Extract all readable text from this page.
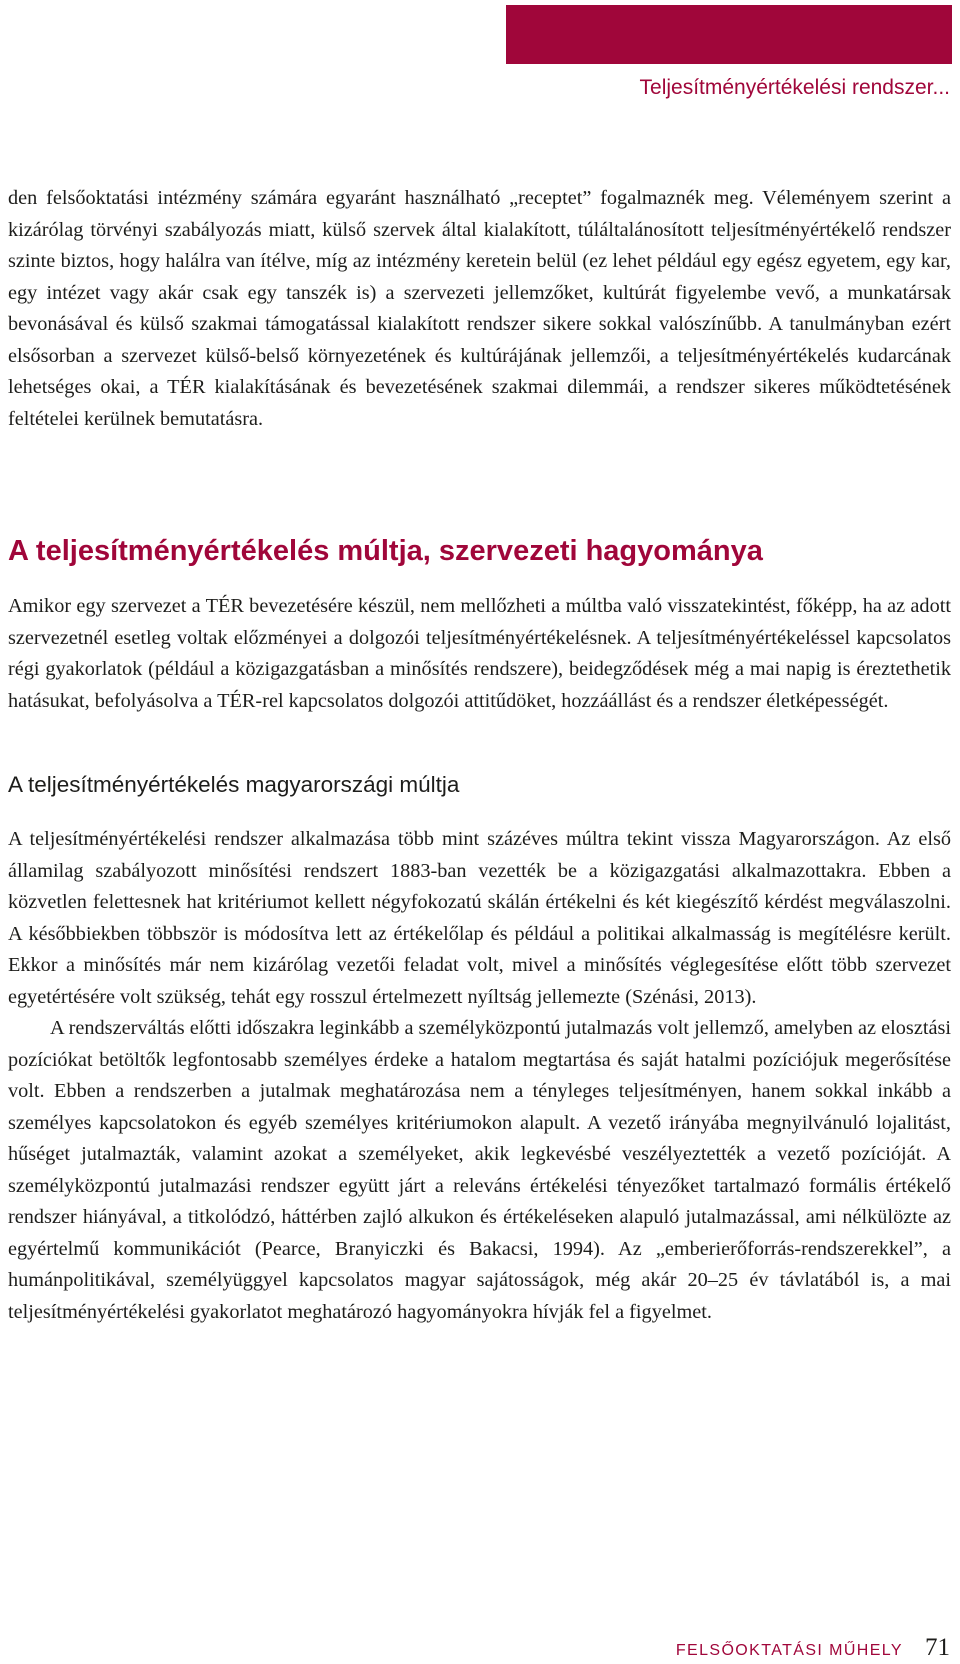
Teljesítményértékelési rendszer...

den felsőoktatási intézmény számára egyaránt használható „receptet” fogalmaznék meg. Véleményem szerint a kizárólag törvényi szabályozás miatt, külső szervek által kialakított, túláltalánosított teljesítményértékelő rendszer szinte biztos, hogy halálra van ítélve, míg az intézmény keretein belül (ez lehet például egy egész egyetem, egy kar, egy intézet vagy akár csak egy tanszék is) a szervezeti jellemzőket, kultúrát figyelembe vevő, a munkatársak bevonásával és külső szakmai támogatással kialakított rendszer sikere sokkal valószínűbb. A tanulmányban ezért elsősorban a szervezet külső-belső környezetének és kultúrájának jellemzői, a teljesítményértékelés kudarcának lehetséges okai, a TÉR kialakításának és bevezetésének szakmai dilemmái, a rendszer sikeres működtetésének feltételei kerülnek bemutatásra.

A teljesítményértékelés múltja, szervezeti hagyománya

Amikor egy szervezet a TÉR bevezetésére készül, nem mellőzheti a múltba való visszatekintést, főképp, ha az adott szervezetnél esetleg voltak előzményei a dolgozói teljesítményértékelésnek. A teljesítményértékeléssel kapcsolatos régi gyakorlatok (például a közigazgatásban a minősítés rendszere), beidegződések még a mai napig is éreztethetik hatásukat, befolyásolva a TÉR-rel kapcsolatos dolgozói attitűdöket, hozzáállást és a rendszer életképességét.

A teljesítményértékelés magyarországi múltja

A teljesítményértékelési rendszer alkalmazása több mint százéves múltra tekint vissza Magyarországon. Az első államilag szabályozott minősítési rendszert 1883-ban vezették be a közigazgatási alkalmazottakra. Ebben a közvetlen felettesnek hat kritériumot kellett négyfokozatú skálán értékelni és két kiegészítő kérdést megválaszolni. A későbbiekben többször is módosítva lett az értékelőlap és például a politikai alkalmasság is megítélésre került. Ekkor a minősítés már nem kizárólag vezetői feladat volt, mivel a minősítés véglegesítése előtt több szervezet egyetértésére volt szükség, tehát egy rosszul értelmezett nyíltság jellemezte (Szénási, 2013).

A rendszerváltás előtti időszakra leginkább a személyközpontú jutalmazás volt jellemző, amelyben az elosztási pozíciókat betöltők legfontosabb személyes érdeke a hatalom megtartása és saját hatalmi pozíciójuk megerősítése volt. Ebben a rendszerben a jutalmak meghatározása nem a tényleges teljesítményen, hanem sokkal inkább a személyes kapcsolatokon és egyéb személyes kritériumokon alapult. A vezető irányába megnyilvánuló lojalitást, hűséget jutalmazták, valamint azokat a személyeket, akik legkevésbé veszélyeztették a vezető pozícióját. A személyközpontú jutalmazási rendszer együtt járt a releváns értékelési tényezőket tartalmazó formális értékelő rendszer hiányával, a titkolódzó, háttérben zajló alkukon és értékeléseken alapuló jutalmazással, ami nélkülözte az egyértelmű kommunikációt (Pearce, Branyiczki és Bakacsi, 1994). Az „emberierőforrás-rendszerekkel”, a humánpolitikával, személyüggyel kapcsolatos magyar sajátosságok, még akár 20–25 év távlatából is, a mai teljesítményértékelési gyakorlatot meghatározó hagyományokra hívják fel a figyelmet.

FELSŐOKTATÁSI MŰHELY 71
